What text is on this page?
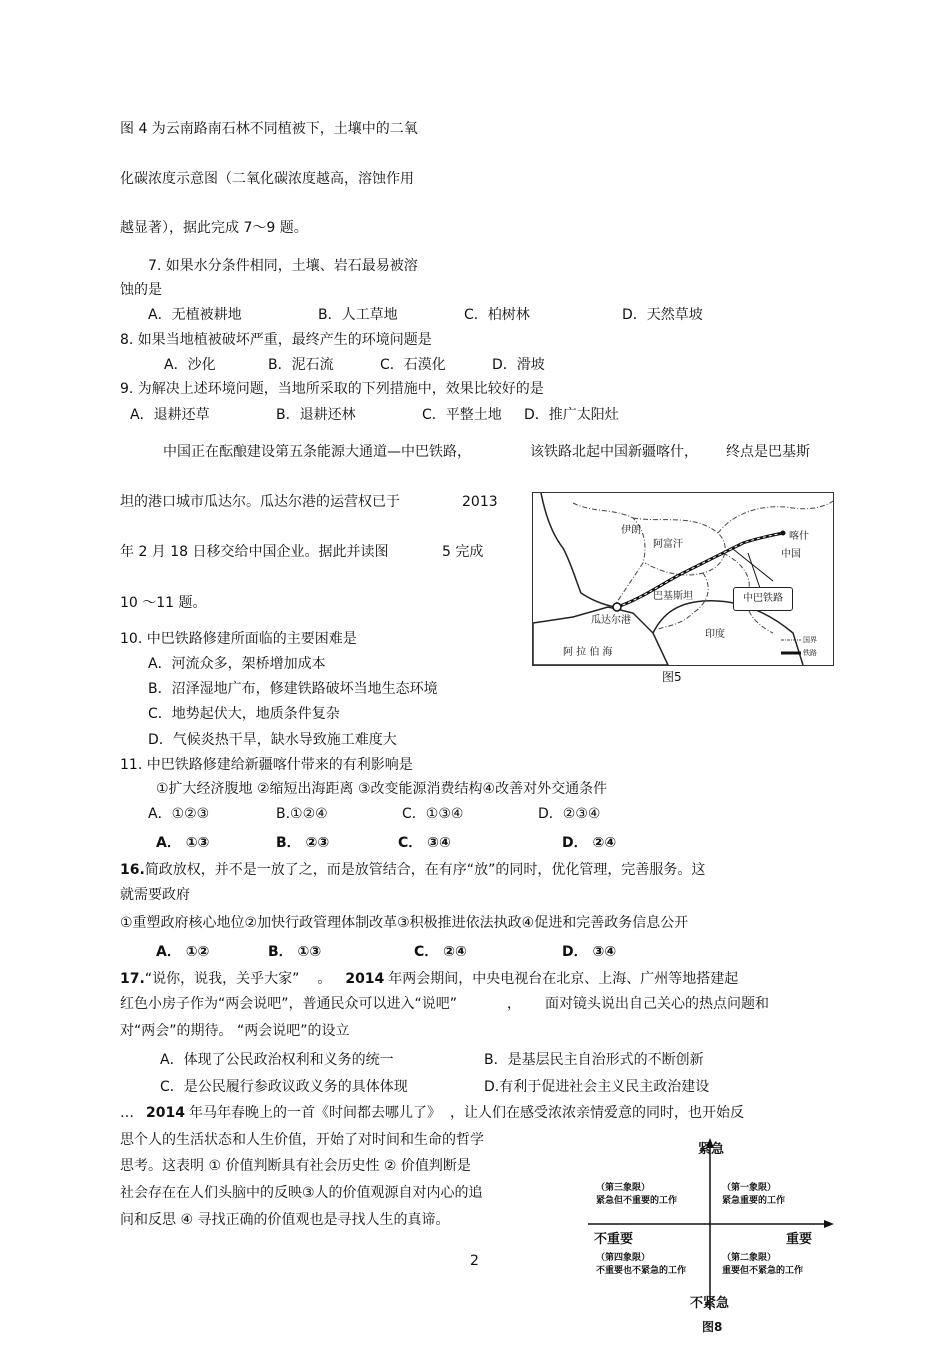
图 4 为云南路南石林不同植被下，土壤中的二氧
化碳浓度示意图（二氧化碳浓度越高，溶蚀作用
越显著），据此完成 7～9 题。
7. 如果水分条件相同，土壤、岩石最易被溶
蚀的是
A．无植被耕地	B．人工草地	C．柏树林	D．天然草坡
8. 如果当地植被破坏严重，最终产生的环境问题是
A．沙化	B．泥石流	C．石漠化	D．滑坡
9. 为解决上述环境问题，当地所采取的下列措施中，效果比较好的是
A．退耕还草	B．退耕还林	C．平整土地 D．推广太阳灶
中国正在酝酿建设第五条能源大通道—中巴铁路，	该铁路北起中国新疆喀什， 终点是巴基斯
坦的港口城市瓜达尔。瓜达尔港的运营权已于	2013
年 2 月 18 日移交给中国企业。据此并读图	5 完成
10 ～11 题。
伊朗
阿富汗
喀什
中国
巴基斯坦
瓜达尔港
印度
阿 拉 伯 海
中巴铁路
国界
铁路
图5
10. 中巴铁路修建所面临的主要困难是
A．河流众多，架桥增加成本
B．沼泽湿地广布，修建铁路破坏当地生态环境
C．地势起伏大，地质条件复杂
D．气候炎热干旱，缺水导致施工难度大
11. 中巴铁路修建给新疆喀什带来的有利影响是
①扩大经济腹地 ②缩短出海距离 ③改变能源消费结构④改善对外交通条件
A．①②③	B.①②④	C．①③④	D．②③④
A． ①③	B． ②③	C． ③④	D． ②④
16.简政放权，并不是一放了之，而是放管结合，在有序“放”的同时，优化管理，完善服务。这
就需要政府
①重塑政府核心地位②加快行政管理体制改革③积极推进依法执政④促进和完善政务信息公开
A． ①②	B． ①③	C． ②④	D． ③④
17.“说你，说我，关乎大家” 。 2014 年两会期间，中央电视台在北京、上海、广州等地搭建起
红色小房子作为“两会说吧”，普通民众可以进入“说吧”	， 面对镜头说出自己关心的热点问题和
对“两会”的期待。 “两会说吧”的设立
A．体现了公民政治权利和义务的统一	B．是基层民主自治形式的不断创新
C．是公民履行参政议政义务的具体体现	D.有利于促进社会主义民主政治建设
… 2014 年马年春晚上的一首《时间都去哪儿了》 ，让人们在感受浓浓亲情爱意的同时，也开始反
思个人的生活状态和人生价值，开始了对时间和生命的哲学
思考。这表明 ① 价值判断具有社会历史性 ② 价值判断是
社会存在在人们头脑中的反映③人的价值观源自对内心的追
问和反思 ④ 寻找正确的价值观也是寻找人生的真谛。
2
紧急
不紧急
重要
不重要
（第三象限）
紧急但不重要的工作
（第一象限）
紧急重要的工作
（第四象限）
不重要也不紧急的工作
（第二象限）
重要但不紧急的工作
图8
